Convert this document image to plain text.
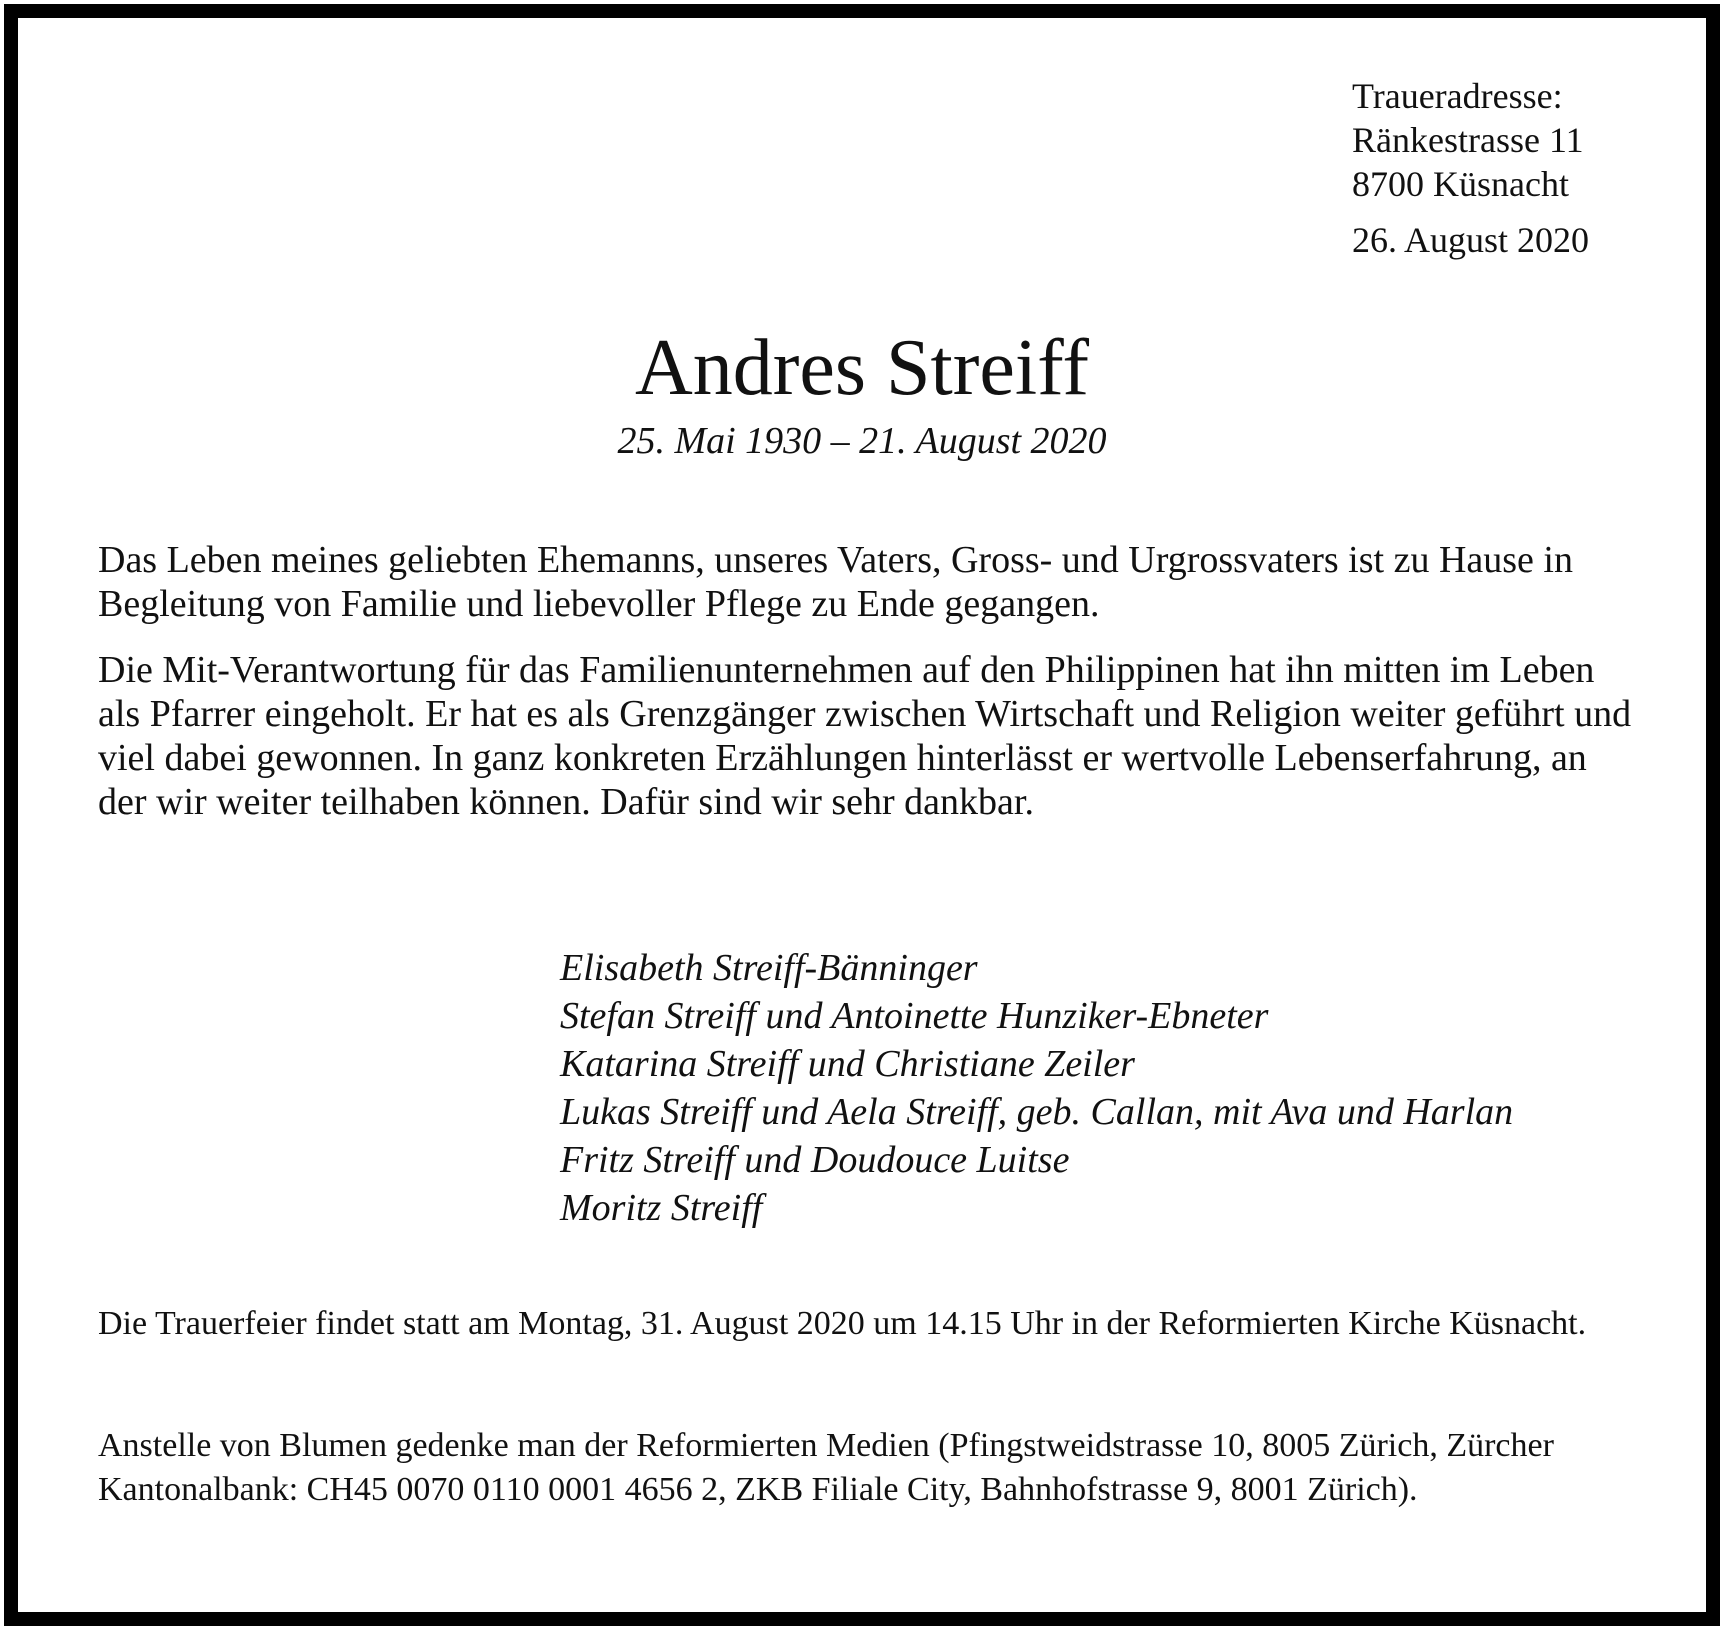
Traueradresse:
Ränkestrasse 11
8700 Küsnacht
26. August 2020
Andres Streiff
25. Mai 1930 – 21. August 2020

Das Leben meines geliebten Ehemanns, unseres Vaters, Gross- und Urgrossvaters ist zu Hause in Begleitung von Familie und liebevoller Pflege zu Ende gegangen.

Die Mit-Verantwortung für das Familienunternehmen auf den Philippinen hat ihn mitten im Leben als Pfarrer eingeholt. Er hat es als Grenzgänger zwischen Wirtschaft und Religion weiter geführt und viel dabei gewonnen. In ganz konkreten Erzählungen hinterlässt er wertvolle Lebenserfahrung, an der wir weiter teilhaben können. Dafür sind wir sehr dankbar.

Elisabeth Streiff-Bänninger
Stefan Streiff und Antoinette Hunziker-Ebneter
Katarina Streiff und Christiane Zeiler
Lukas Streiff und Aela Streiff, geb. Callan, mit Ava und Harlan
Fritz Streiff und Doudouce Luitse
Moritz Streiff

Die Trauerfeier findet statt am Montag, 31. August 2020 um 14.15 Uhr in der Reformierten Kirche Küsnacht.

Anstelle von Blumen gedenke man der Reformierten Medien (Pfingstweidstrasse 10, 8005 Zürich, Zürcher Kantonalbank: CH45 0070 0110 0001 4656 2, ZKB Filiale City, Bahnhofstrasse 9, 8001 Zürich).
